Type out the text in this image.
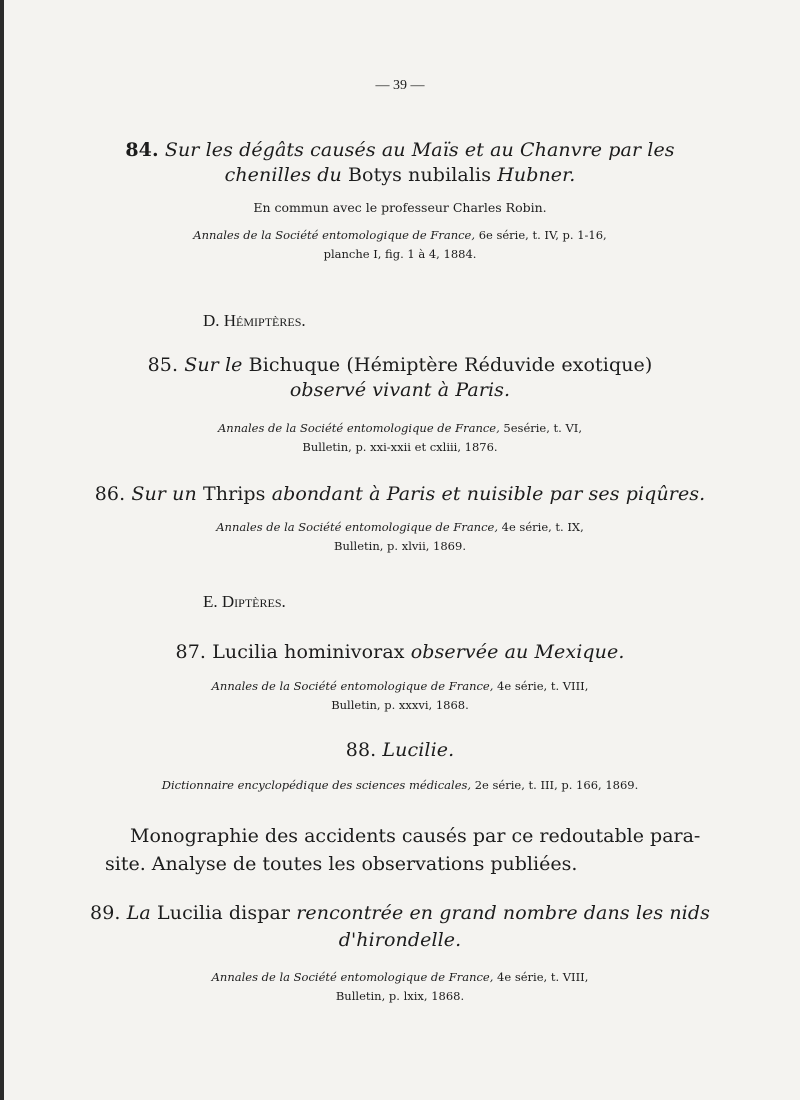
— 39 —
84. Sur les dégâts causés au Maïs et au Chanvre par les
chenilles du Botys nubilalis Hubner.
En commun avec le professeur Charles Robin.
Annales de la Société entomologique de France, 6e série, t. IV, p. 1-16,
planche I, fig. 1 à 4, 1884.
D. Hémiptères.
85. Sur le Bichuque (Hémiptère Réduvide exotique)
observé vivant à Paris.
Annales de la Société entomologique de France, 5esérie, t. VI,
Bulletin, p. xxi-xxii et cxliii, 1876.
86. Sur un Thrips abondant à Paris et nuisible par ses piqûres.
Annales de la Société entomologique de France, 4e série, t. IX,
Bulletin, p. xlvii, 1869.
E. Diptères.
87. Lucilia hominivorax observée au Mexique.
Annales de la Société entomologique de France, 4e série, t. VIII,
Bulletin, p. xxxvi, 1868.
88. Lucilie.
Dictionnaire encyclopédique des sciences médicales, 2e série, t. III, p. 166, 1869.
Monographie des accidents causés par ce redoutable para-
site. Analyse de toutes les observations publiées.
89. La Lucilia dispar rencontrée en grand nombre dans les nids
d'hirondelle.
Annales de la Société entomologique de France, 4e série, t. VIII,
Bulletin, p. lxix, 1868.
